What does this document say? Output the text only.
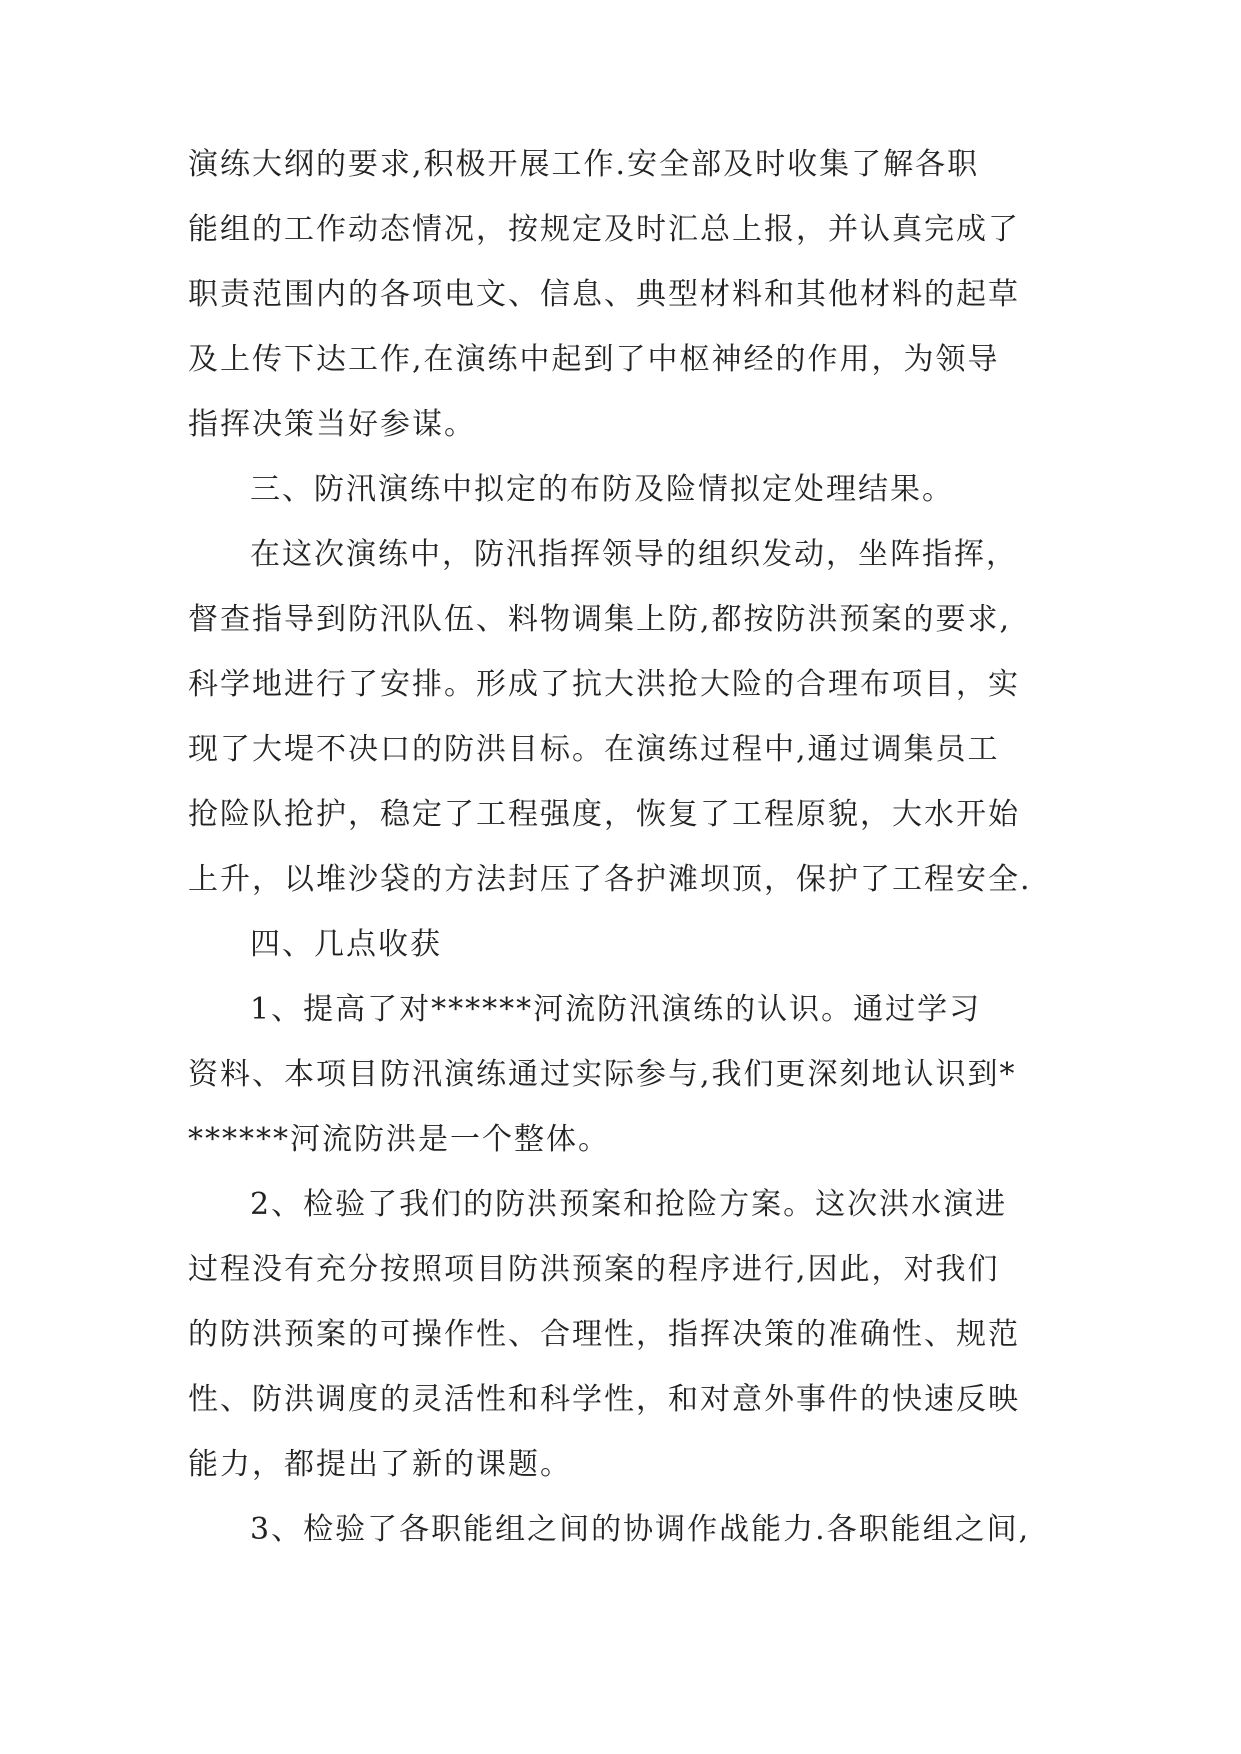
演练大纲的要求,积极开展工作.安全部及时收集了解各职
能组的工作动态情况，按规定及时汇总上报，并认真完成了
职责范围内的各项电文、信息、典型材料和其他材料的起草
及上传下达工作,在演练中起到了中枢神经的作用，为领导
指挥决策当好参谋。
三、防汛演练中拟定的布防及险情拟定处理结果。
在这次演练中，防汛指挥领导的组织发动，坐阵指挥，
督查指导到防汛队伍、料物调集上防,都按防洪预案的要求,
科学地进行了安排。形成了抗大洪抢大险的合理布项目，实
现了大堤不决口的防洪目标。在演练过程中,通过调集员工
抢险队抢护，稳定了工程强度，恢复了工程原貌，大水开始
上升，以堆沙袋的方法封压了各护滩坝顶，保护了工程安全.
四、几点收获
1、提高了对******河流防汛演练的认识。通过学习
资料、本项目防汛演练通过实际参与,我们更深刻地认识到*
******河流防洪是一个整体。
2、检验了我们的防洪预案和抢险方案。这次洪水演进
过程没有充分按照项目防洪预案的程序进行,因此，对我们
的防洪预案的可操作性、合理性，指挥决策的准确性、规范
性、防洪调度的灵活性和科学性，和对意外事件的快速反映
能力，都提出了新的课题。
3、检验了各职能组之间的协调作战能力.各职能组之间,
